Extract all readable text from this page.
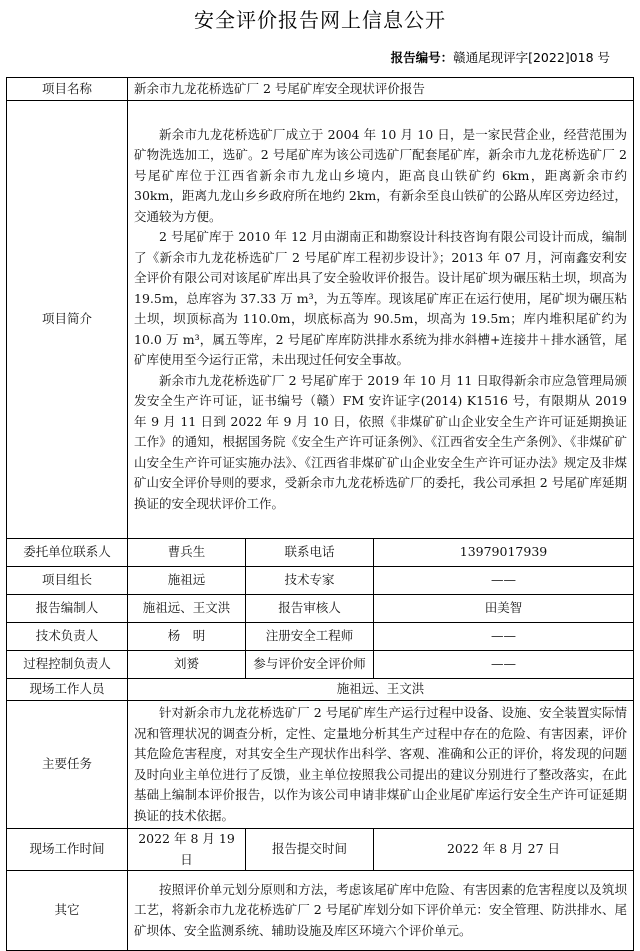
安全评价报告网上信息公开
报告编号：赣通尾现评字[2022]018 号
项目名称	新余市九龙花桥选矿厂 2 号尾矿库安全现状评价报告		
项目简介	新余市九龙花桥选矿厂成立于 2004 年 10 月 10 日，是一家民营企业，经营范围为矿物洗选加工，选矿。2 号尾矿库为该公司选矿厂配套尾矿库，新余市九龙花桥选矿厂 2 号尾矿库位于江西省新余市九龙山乡境内，距高良山铁矿约 6km，距离新余市约 30km，距离九龙山乡乡政府所在地约 2km，有新余至良山铁矿的公路从库区旁边经过，交通较为方便。

2 号尾矿库于 2010 年 12 月由湖南正和勘察设计科技咨询有限公司设计而成，编制了《新余市九龙花桥选矿厂 2 号尾矿库工程初步设计》；2013 年 07 月，河南鑫安利安全评价有限公司对该尾矿库出具了安全验收评价报告。设计尾矿坝为碾压粘土坝，坝高为 19.5m，总库容为 37.33 万 m³，为五等库。现该尾矿库正在运行使用，尾矿坝为碾压粘土坝，坝顶标高为 110.0m，坝底标高为 90.5m，坝高为 19.5m；库内堆积尾矿约为 10.0 万 m³，属五等库，2 号尾矿库库防洪排水系统为排水斜槽+连接井＋排水涵管，尾矿库使用至今运行正常，未出现过任何安全事故。

新余市九龙花桥选矿厂 2 号尾矿库于 2019 年 10 月 11 日取得新余市应急管理局颁发安全生产许可证，证书编号（赣）FM 安许证字(2014) K1516 号，有限期从 2019 年 9 月 11 日到 2022 年 9 月 10 日，依照《非煤矿矿山企业安全生产许可证延期换证工作》的通知，根据国务院《安全生产许可证条例》、《江西省安全生产条例》、《非煤矿矿山安全生产许可证实施办法》、《江西省非煤矿矿山企业安全生产许可证办法》规定及非煤矿山安全评价导则的要求，受新余市九龙花桥选矿厂的委托，我公司承担 2 号尾矿库延期换证的安全现状评价工作。		

委托单位联系人	曹兵生	联系电话	13979017939
项目组长	施祖远	技术专家	——
报告编制人	施祖远、王文洪	报告审核人	田美智
技术负责人	杨　明	注册安全工程师	——
过程控制负责人	刘赟	参与评价安全评价师	——
现场工作人员	施祖远、王文洪		
主要任务	针对新余市九龙花桥选矿厂 2 号尾矿库生产运行过程中设备、设施、安全装置实际情况和管理状况的调查分析，定性、定量地分析其生产过程中存在的危险、有害因素，评价其危险危害程度，对其安全生产现状作出科学、客观、准确和公正的评价，将发现的问题及时向业主单位进行了反馈，业主单位按照我公司提出的建议分别进行了整改落实，在此基础上编制本评价报告，以作为该公司申请非煤矿山企业尾矿库运行安全生产许可证延期换证的技术依据。		

现场工作时间	2022 年 8 月 19 日	报告提交时间	2022 年 8 月 27 日
其它	按照评价单元划分原则和方法，考虑该尾矿库中危险、有害因素的危害程度以及筑坝工艺，将新余市九龙花桥选矿厂 2 号尾矿库划分如下评价单元：安全管理、防洪排水、尾矿坝体、安全监测系统、辅助设施及库区环境六个评价单元。		
